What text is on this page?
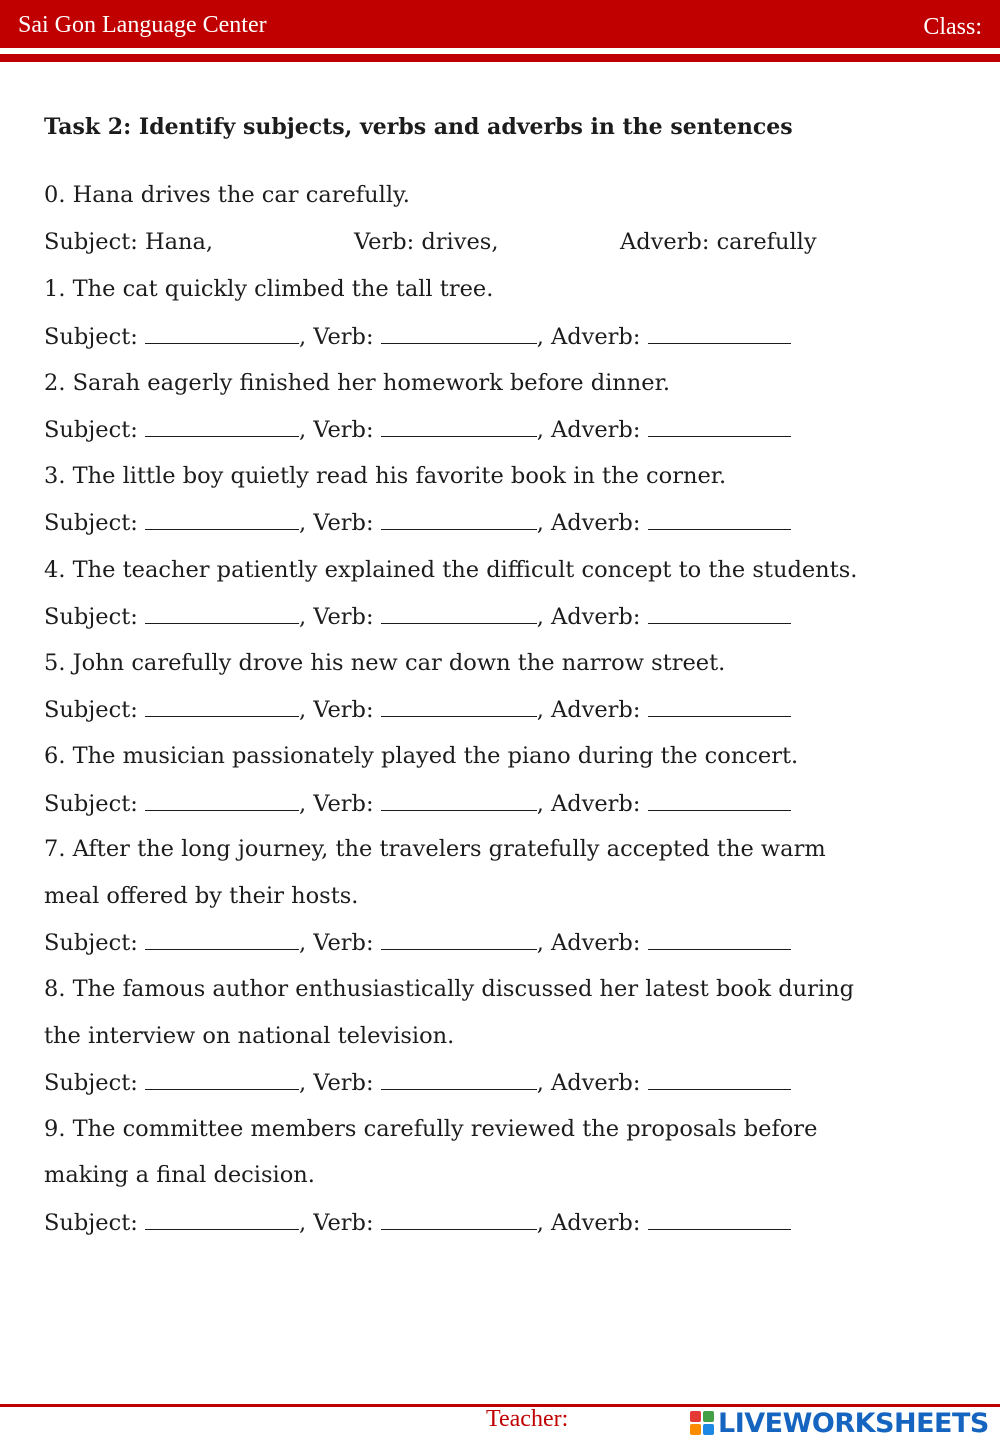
Sai Gon Language Center	Class:
Task 2: Identify subjects, verbs and adverbs in the sentences
0. Hana drives the car carefully.
Subject: Hana,	Verb: drives,	Adverb: carefully
1. The cat quickly climbed the tall tree.
Subject:	, Verb:	, Adverb:
2. Sarah eagerly finished her homework before dinner.
Subject:	, Verb:	, Adverb:
3. The little boy quietly read his favorite book in the corner.
Subject:	, Verb:	, Adverb:
4. The teacher patiently explained the difficult concept to the students.
Subject:	, Verb:	, Adverb:
5. John carefully drove his new car down the narrow street.
Subject:	, Verb:	, Adverb:
6. The musician passionately played the piano during the concert.
Subject:	, Verb:	, Adverb:
7. After the long journey, the travelers gratefully accepted the warm
meal offered by their hosts.
Subject:	, Verb:	, Adverb:
8. The famous author enthusiastically discussed her latest book during
the interview on national television.
Subject:	, Verb:	, Adverb:
9. The committee members carefully reviewed the proposals before
making a final decision.
Subject:	, Verb:	, Adverb:
Teacher:	LIVEWORKSHEETS
